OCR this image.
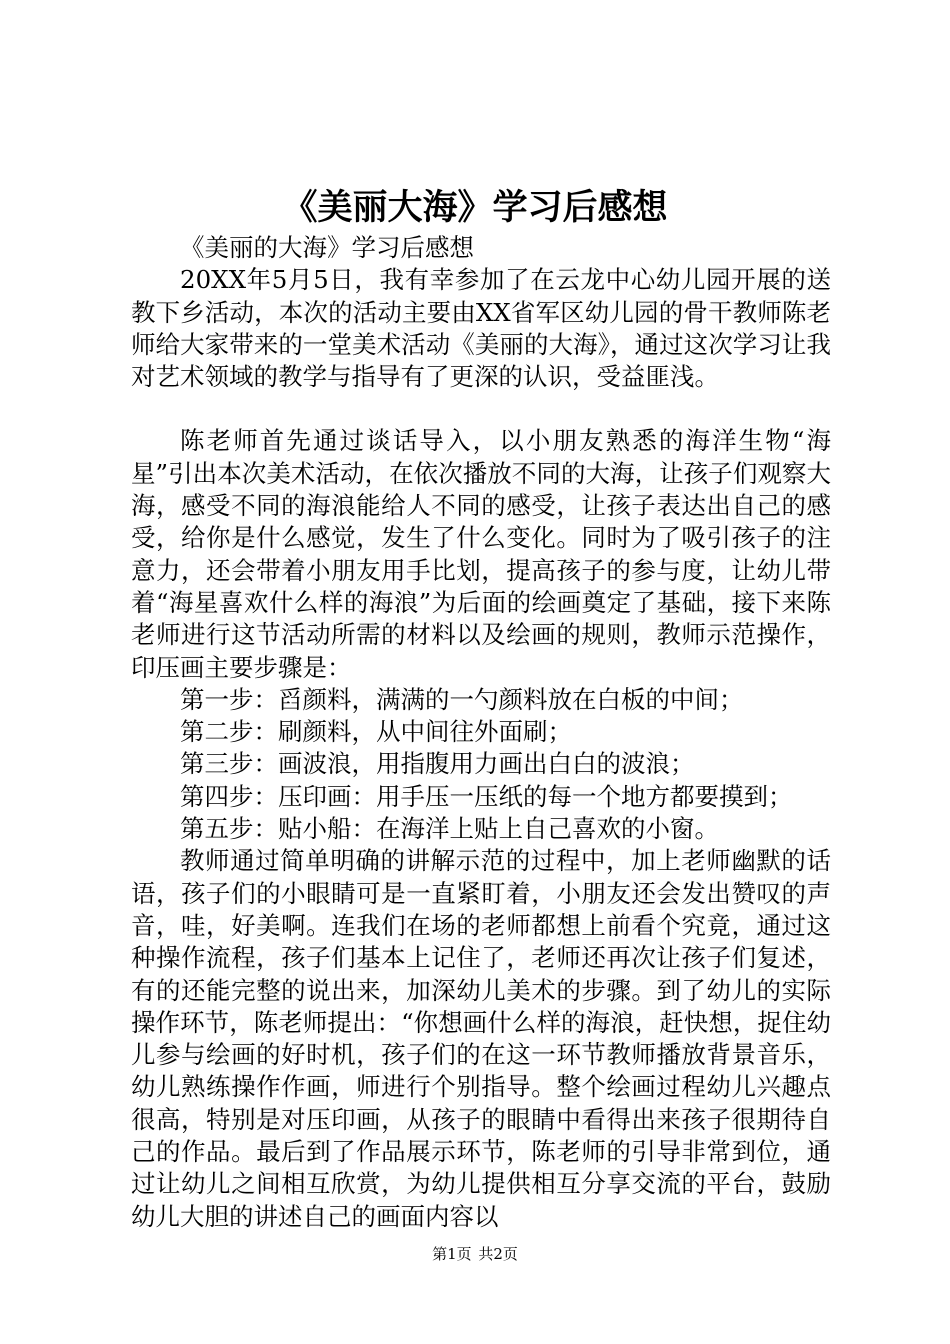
《美丽大海》学习后感想

《美丽的大海》学习后感想

20XX年5月5日，我有幸参加了在云龙中心幼儿园开展的送教下乡活动，本次的活动主要由XX省军区幼儿园的骨干教师陈老师给大家带来的一堂美术活动《美丽的大海》，通过这次学习让我对艺术领域的教学与指导有了更深的认识，受益匪浅。

陈老师首先通过谈话导入，以小朋友熟悉的海洋生物“海星”引出本次美术活动，在依次播放不同的大海，让孩子们观察大海，感受不同的海浪能给人不同的感受，让孩子表达出自己的感受，给你是什么感觉，发生了什么变化。同时为了吸引孩子的注意力，还会带着小朋友用手比划，提高孩子的参与度，让幼儿带着“海星喜欢什么样的海浪”为后面的绘画奠定了基础，接下来陈老师进行这节活动所需的材料以及绘画的规则，教师示范操作，印压画主要步骤是：

第一步：舀颜料，满满的一勺颜料放在白板的中间；

第二步：刷颜料，从中间往外面刷；

第三步：画波浪，用指腹用力画出白白的波浪；

第四步：压印画：用手压一压纸的每一个地方都要摸到；

第五步：贴小船：在海洋上贴上自己喜欢的小窗。

教师通过简单明确的讲解示范的过程中，加上老师幽默的话语，孩子们的小眼睛可是一直紧盯着，小朋友还会发出赞叹的声音，哇，好美啊。连我们在场的老师都想上前看个究竟，通过这种操作流程，孩子们基本上记住了，老师还再次让孩子们复述，有的还能完整的说出来，加深幼儿美术的步骤。到了幼儿的实际操作环节，陈老师提出：“你想画什么样的海浪，赶快想，捉住幼儿参与绘画的好时机，孩子们的在这一环节教师播放背景音乐，幼儿熟练操作作画，师进行个别指导。整个绘画过程幼儿兴趣点很高，特别是对压印画，从孩子的眼睛中看得出来孩子很期待自己的作品。最后到了作品展示环节，陈老师的引导非常到位，通过让幼儿之间相互欣赏，为幼儿提供相互分享交流的平台，鼓励幼儿大胆的讲述自己的画面内容以

第1页 共2页
